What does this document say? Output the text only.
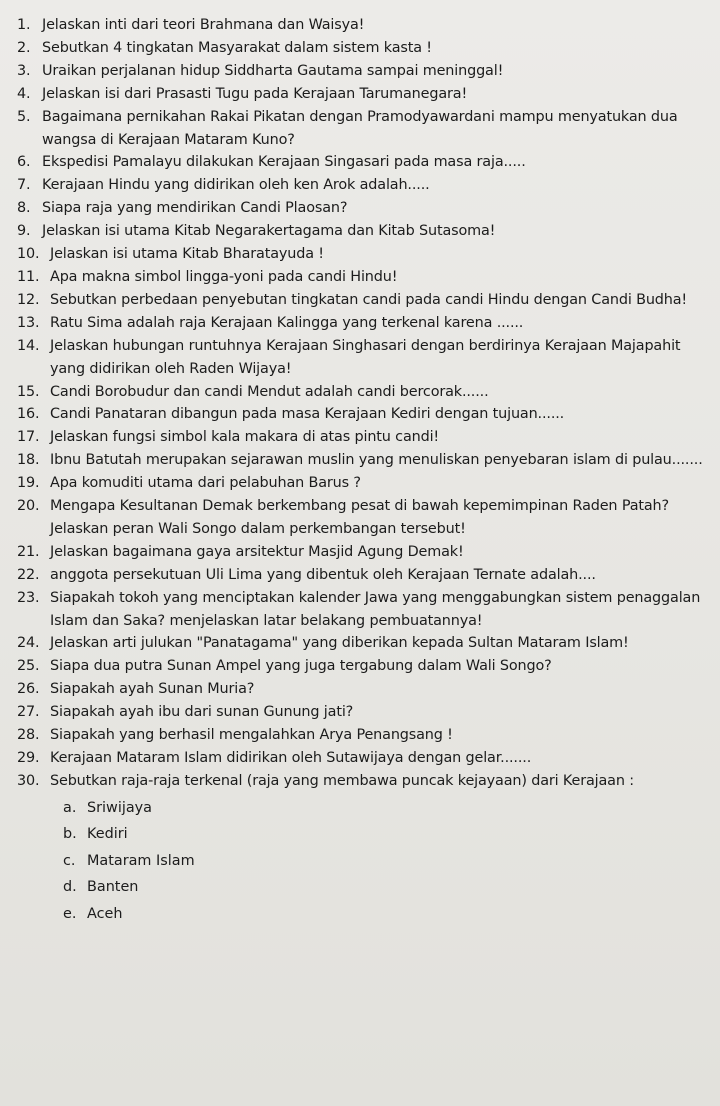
1. Jelaskan inti dari teori Brahmana dan Waisya!
2. Sebutkan 4 tingkatan Masyarakat dalam sistem kasta !
3. Uraikan perjalanan hidup Siddharta Gautama sampai meninggal!
4. Jelaskan isi dari Prasasti Tugu pada Kerajaan Tarumanegara!
5. Bagaimana pernikahan Rakai Pikatan dengan Pramodyawardani mampu menyatukan dua wangsa di Kerajaan Mataram Kuno?
6. Ekspedisi Pamalayu dilakukan Kerajaan Singasari pada masa raja.....
7. Kerajaan Hindu yang didirikan oleh ken Arok adalah.....
8. Siapa raja yang mendirikan Candi Plaosan?
9. Jelaskan isi utama Kitab Negarakertagama dan Kitab Sutasoma!
10. Jelaskan isi utama Kitab Bharatayuda !
11. Apa makna simbol lingga-yoni pada candi Hindu!
12. Sebutkan perbedaan penyebutan tingkatan candi pada candi Hindu dengan Candi Budha!
13. Ratu Sima adalah raja Kerajaan Kalingga yang terkenal karena ......
14. Jelaskan hubungan runtuhnya Kerajaan Singhasari dengan berdirinya Kerajaan Majapahit yang didirikan oleh Raden Wijaya!
15. Candi Borobudur dan candi Mendut adalah candi bercorak......
16. Candi Panataran dibangun pada masa Kerajaan Kediri dengan tujuan......
17. Jelaskan fungsi simbol kala makara di atas pintu candi!
18. Ibnu Batutah merupakan sejarawan muslin yang menuliskan penyebaran islam di pulau.......
19. Apa komuditi utama dari pelabuhan Barus ?
20. Mengapa Kesultanan Demak berkembang pesat di bawah kepemimpinan Raden Patah? Jelaskan peran Wali Songo dalam perkembangan tersebut!
21. Jelaskan bagaimana gaya arsitektur Masjid Agung Demak!
22. anggota persekutuan Uli Lima yang dibentuk oleh Kerajaan Ternate adalah....
23. Siapakah tokoh yang menciptakan kalender Jawa yang menggabungkan sistem penaggalan Islam dan Saka? menjelaskan latar belakang pembuatannya!
24. Jelaskan arti julukan "Panatagama" yang diberikan kepada Sultan Mataram Islam!
25. Siapa dua putra Sunan Ampel yang juga tergabung dalam Wali Songo?
26. Siapakah ayah Sunan Muria?
27. Siapakah ayah ibu dari sunan Gunung jati?
28. Siapakah yang berhasil mengalahkan Arya Penangsang !
29. Kerajaan Mataram Islam didirikan oleh Sutawijaya dengan gelar.......
30. Sebutkan raja-raja terkenal (raja yang membawa puncak kejayaan) dari Kerajaan :
a. Sriwijaya
b. Kediri
c. Mataram Islam
d. Banten
e. Aceh
